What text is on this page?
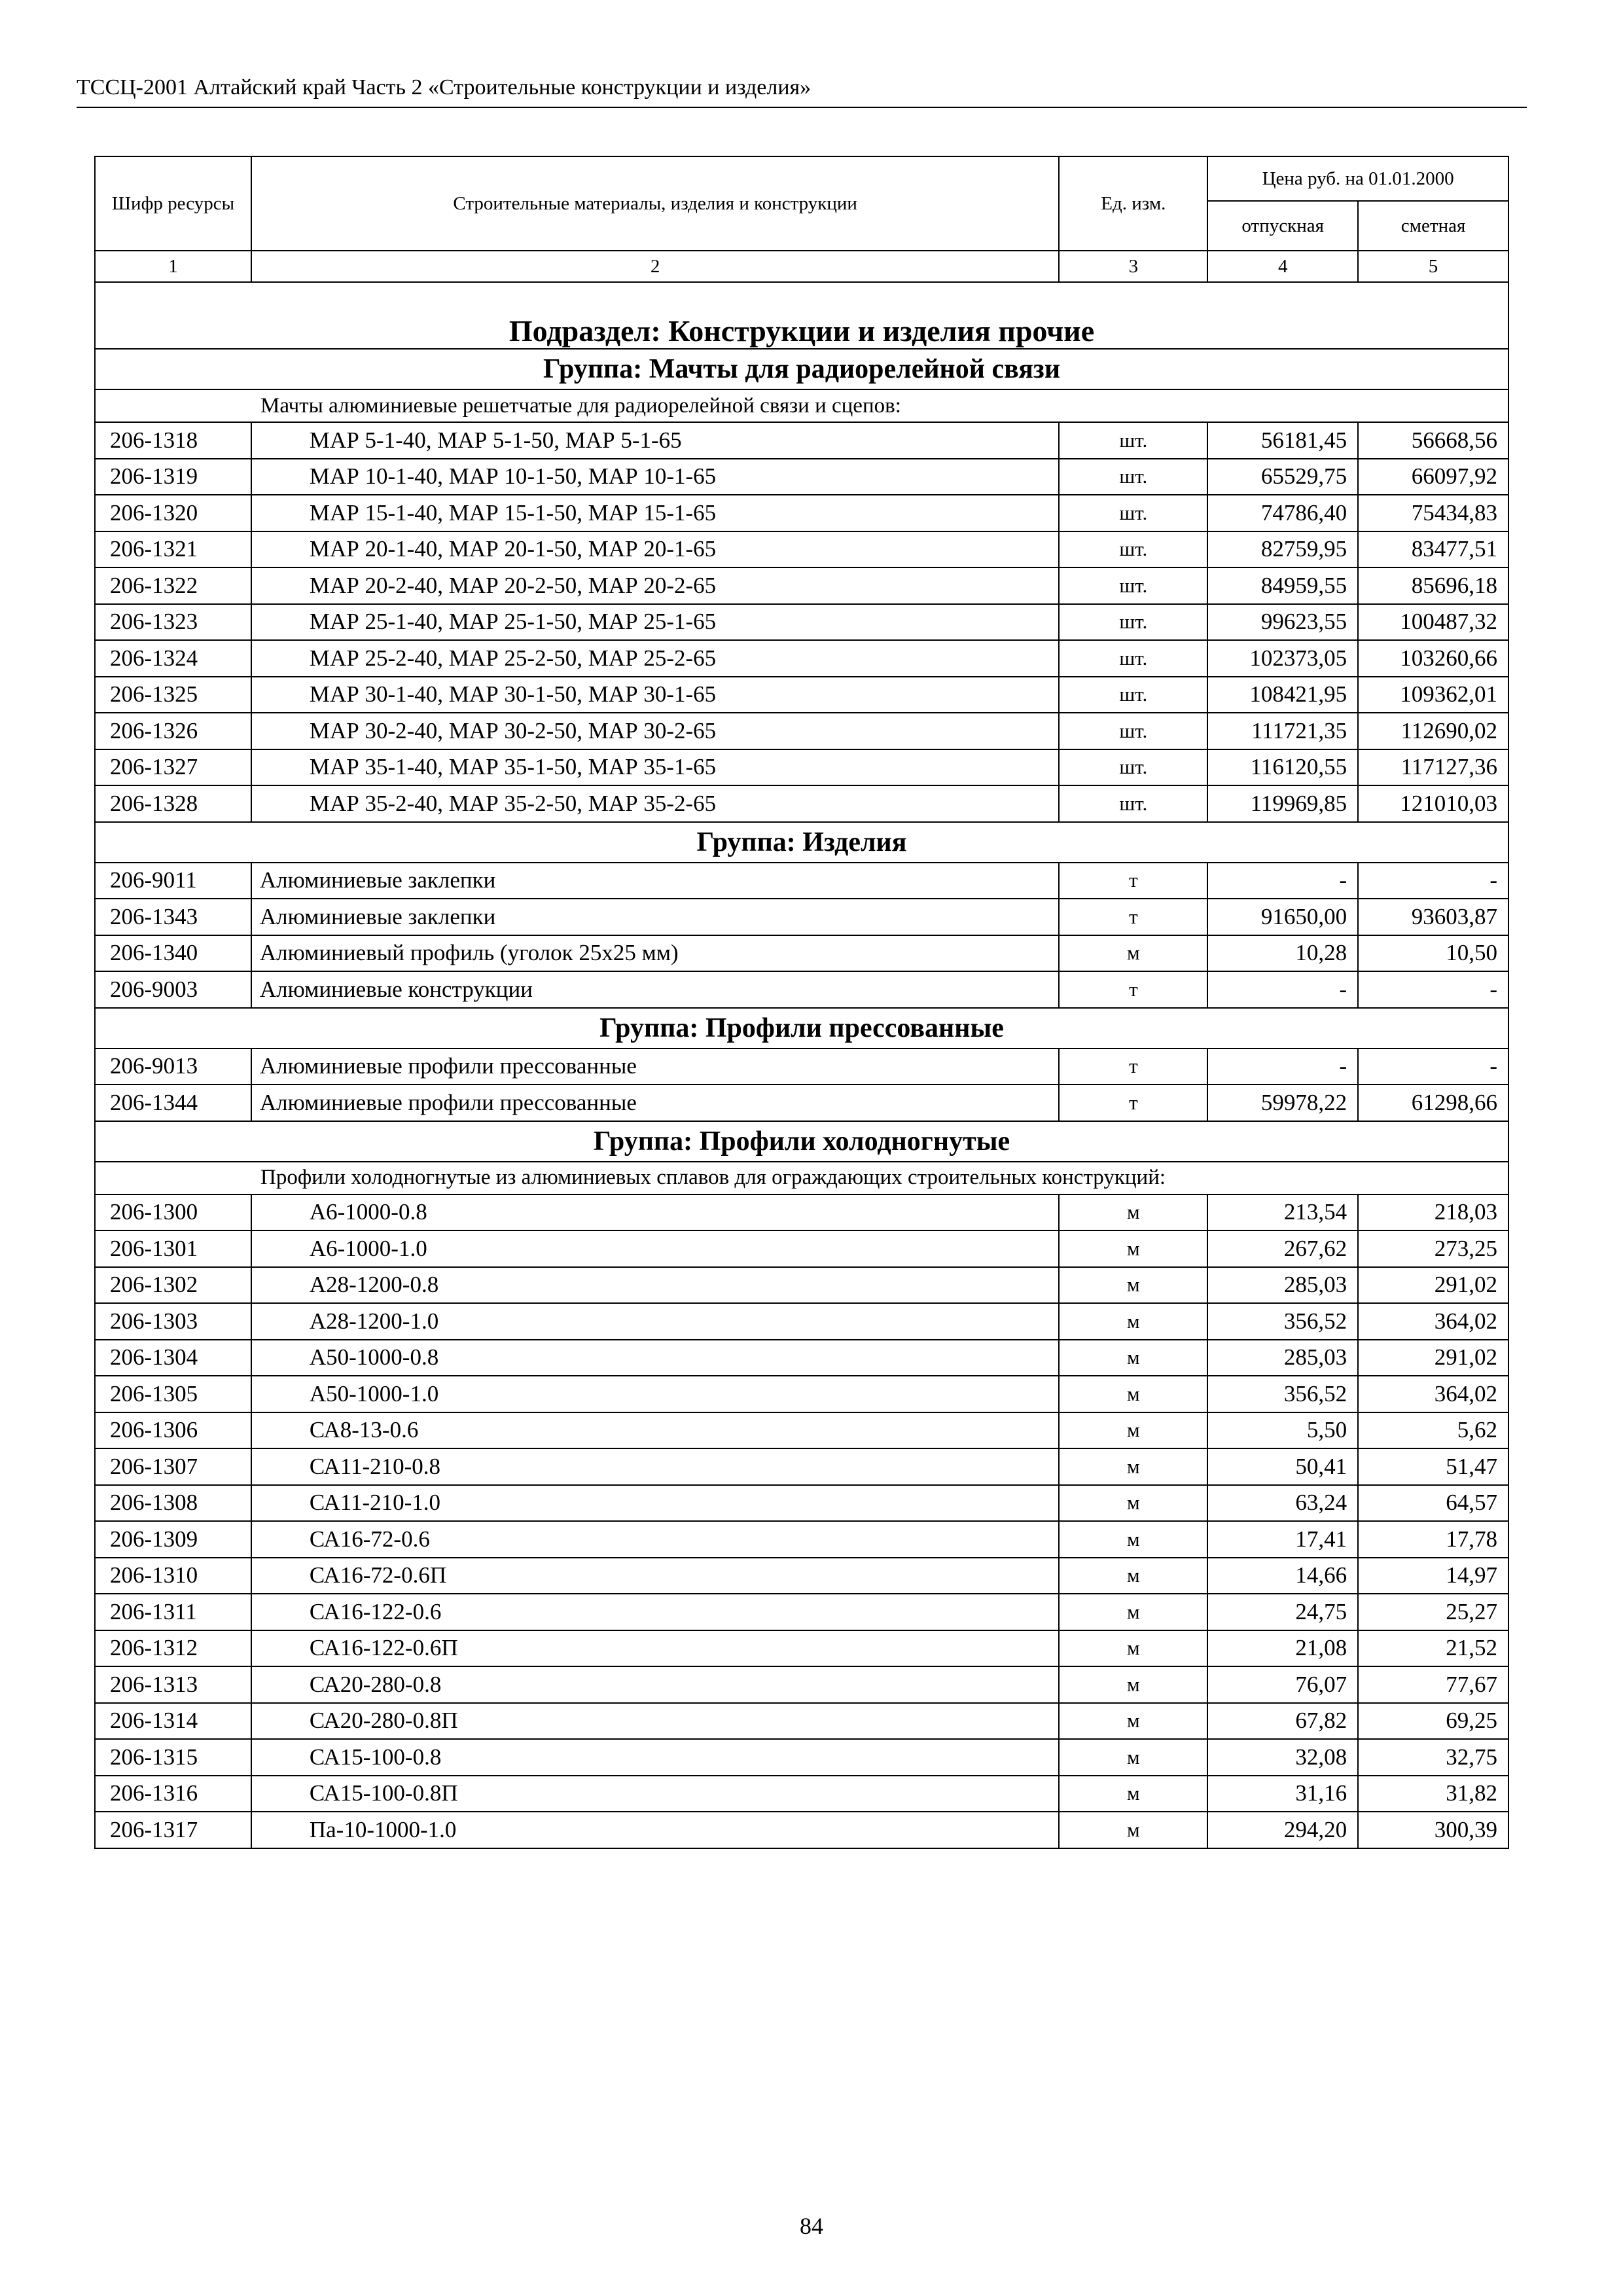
ТССЦ-2001 Алтайский край Часть 2 «Строительные конструкции и изделия»
Шифр ресурсы	Строительные материалы, изделия и конструкции	Ед. изм.	Цена руб. на 01.01.2000	
			отпускная	сметная
1	2	3	4	5
Подраздел: Конструкции и изделия прочие				
Группа: Мачты для радиорелейной связи				
Мачты алюминиевые решетчатые для радиорелейной связи и сцепов:				
206-1318	МАР 5-1-40, МАР 5-1-50, МАР 5-1-65	шт.	56181,45	56668,56
206-1319	МАР 10-1-40, МАР 10-1-50, МАР 10-1-65	шт.	65529,75	66097,92
206-1320	МАР 15-1-40, МАР 15-1-50, МАР 15-1-65	шт.	74786,40	75434,83
206-1321	МАР 20-1-40, МАР 20-1-50, МАР 20-1-65	шт.	82759,95	83477,51
206-1322	МАР 20-2-40, МАР 20-2-50, МАР 20-2-65	шт.	84959,55	85696,18
206-1323	МАР 25-1-40, МАР 25-1-50, МАР 25-1-65	шт.	99623,55	100487,32
206-1324	МАР 25-2-40, МАР 25-2-50, МАР 25-2-65	шт.	102373,05	103260,66
206-1325	МАР 30-1-40, МАР 30-1-50, МАР 30-1-65	шт.	108421,95	109362,01
206-1326	МАР 30-2-40, МАР 30-2-50, МАР 30-2-65	шт.	111721,35	112690,02
206-1327	МАР 35-1-40, МАР 35-1-50, МАР 35-1-65	шт.	116120,55	117127,36
206-1328	МАР 35-2-40, МАР 35-2-50, МАР 35-2-65	шт.	119969,85	121010,03
Группа: Изделия				
206-9011	Алюминиевые заклепки	т	-	-
206-1343	Алюминиевые заклепки	т	91650,00	93603,87
206-1340	Алюминиевый профиль (уголок 25х25 мм)	м	10,28	10,50
206-9003	Алюминиевые конструкции	т	-	-
Группа: Профили прессованные				
206-9013	Алюминиевые профили прессованные	т	-	-
206-1344	Алюминиевые профили прессованные	т	59978,22	61298,66
Группа: Профили холодногнутые				
Профили холодногнутые из алюминиевых сплавов для ограждающих строительных конструкций:				
206-1300	А6-1000-0.8	м	213,54	218,03
206-1301	А6-1000-1.0	м	267,62	273,25
206-1302	А28-1200-0.8	м	285,03	291,02
206-1303	А28-1200-1.0	м	356,52	364,02
206-1304	А50-1000-0.8	м	285,03	291,02
206-1305	А50-1000-1.0	м	356,52	364,02
206-1306	СА8-13-0.6	м	5,50	5,62
206-1307	СА11-210-0.8	м	50,41	51,47
206-1308	СА11-210-1.0	м	63,24	64,57
206-1309	СА16-72-0.6	м	17,41	17,78
206-1310	СА16-72-0.6П	м	14,66	14,97
206-1311	СА16-122-0.6	м	24,75	25,27
206-1312	СА16-122-0.6П	м	21,08	21,52
206-1313	СА20-280-0.8	м	76,07	77,67
206-1314	СА20-280-0.8П	м	67,82	69,25
206-1315	СА15-100-0.8	м	32,08	32,75
206-1316	СА15-100-0.8П	м	31,16	31,82
206-1317	Па-10-1000-1.0	м	294,20	300,39
84
